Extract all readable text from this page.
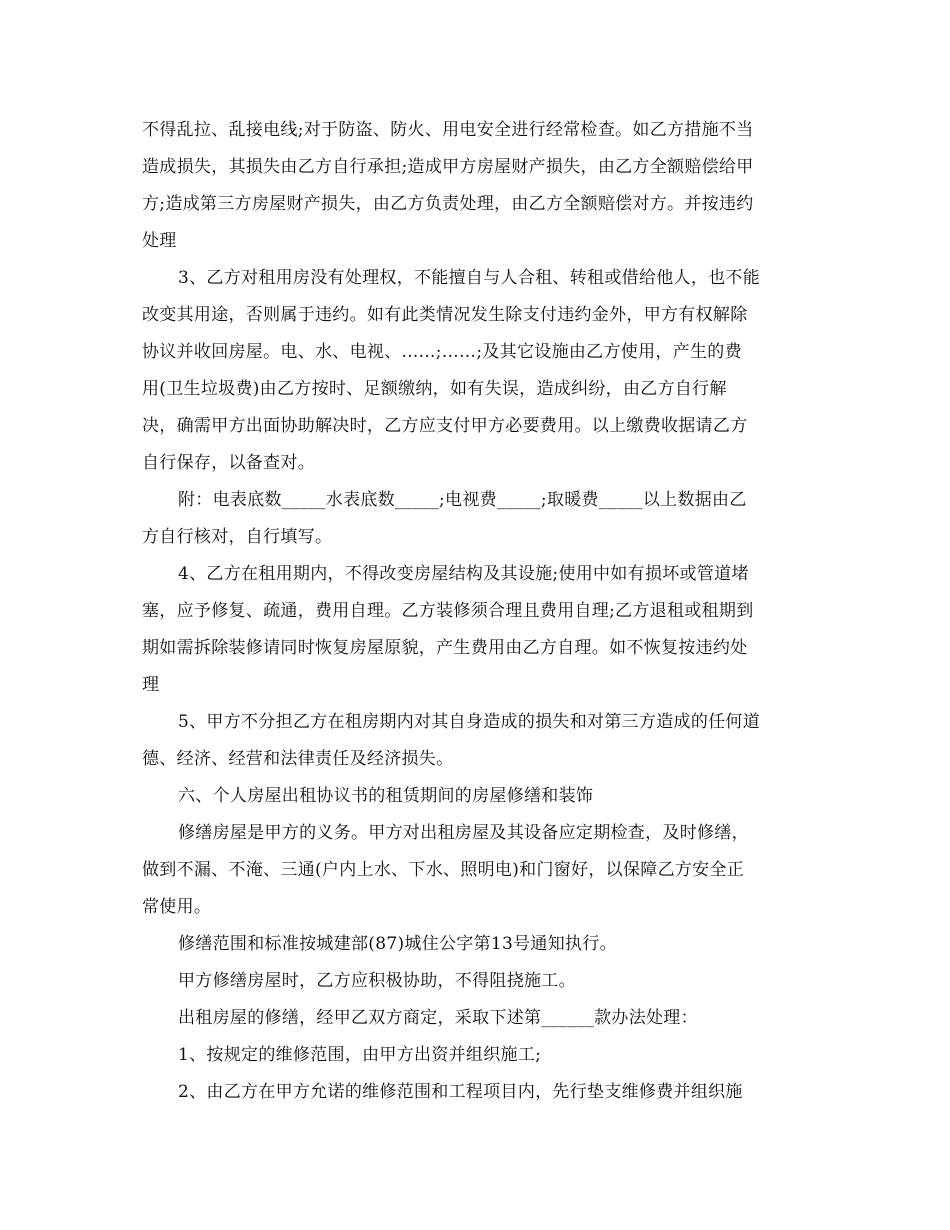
不得乱拉、乱接电线;对于防盗、防火、用电安全进行经常检查。如乙方措施不当
造成损失，其损失由乙方自行承担;造成甲方房屋财产损失，由乙方全额赔偿给甲
方;造成第三方房屋财产损失，由乙方负责处理，由乙方全额赔偿对方。并按违约
处理
3、乙方对租用房没有处理权，不能擅自与人合租、转租或借给他人，也不能
改变其用途，否则属于违约。如有此类情况发生除支付违约金外，甲方有权解除
协议并收回房屋。电、水、电视、......;……;及其它设施由乙方使用，产生的费
用(卫生垃圾费)由乙方按时、足额缴纳，如有失误，造成纠纷，由乙方自行解
决，确需甲方出面协助解决时，乙方应支付甲方必要费用。以上缴费收据请乙方
自行保存，以备查对。
附：电表底数_____水表底数_____;电视费_____;取暖费_____以上数据由乙
方自行核对，自行填写。
4、乙方在租用期内，不得改变房屋结构及其设施;使用中如有损坏或管道堵
塞，应予修复、疏通，费用自理。乙方装修须合理且费用自理;乙方退租或租期到
期如需拆除装修请同时恢复房屋原貌，产生费用由乙方自理。如不恢复按违约处
理
5、甲方不分担乙方在租房期内对其自身造成的损失和对第三方造成的任何道
德、经济、经营和法律责任及经济损失。
六、个人房屋出租协议书的租赁期间的房屋修缮和装饰
修缮房屋是甲方的义务。甲方对出租房屋及其设备应定期检查，及时修缮，
做到不漏、不淹、三通(户内上水、下水、照明电)和门窗好，以保障乙方安全正
常使用。
修缮范围和标准按城建部(87)城住公字第13号通知执行。
甲方修缮房屋时，乙方应积极协助，不得阻挠施工。
出租房屋的修缮，经甲乙双方商定，采取下述第______款办法处理：
1、按规定的维修范围，由甲方出资并组织施工;
2、由乙方在甲方允诺的维修范围和工程项目内，先行垫支维修费并组织施
